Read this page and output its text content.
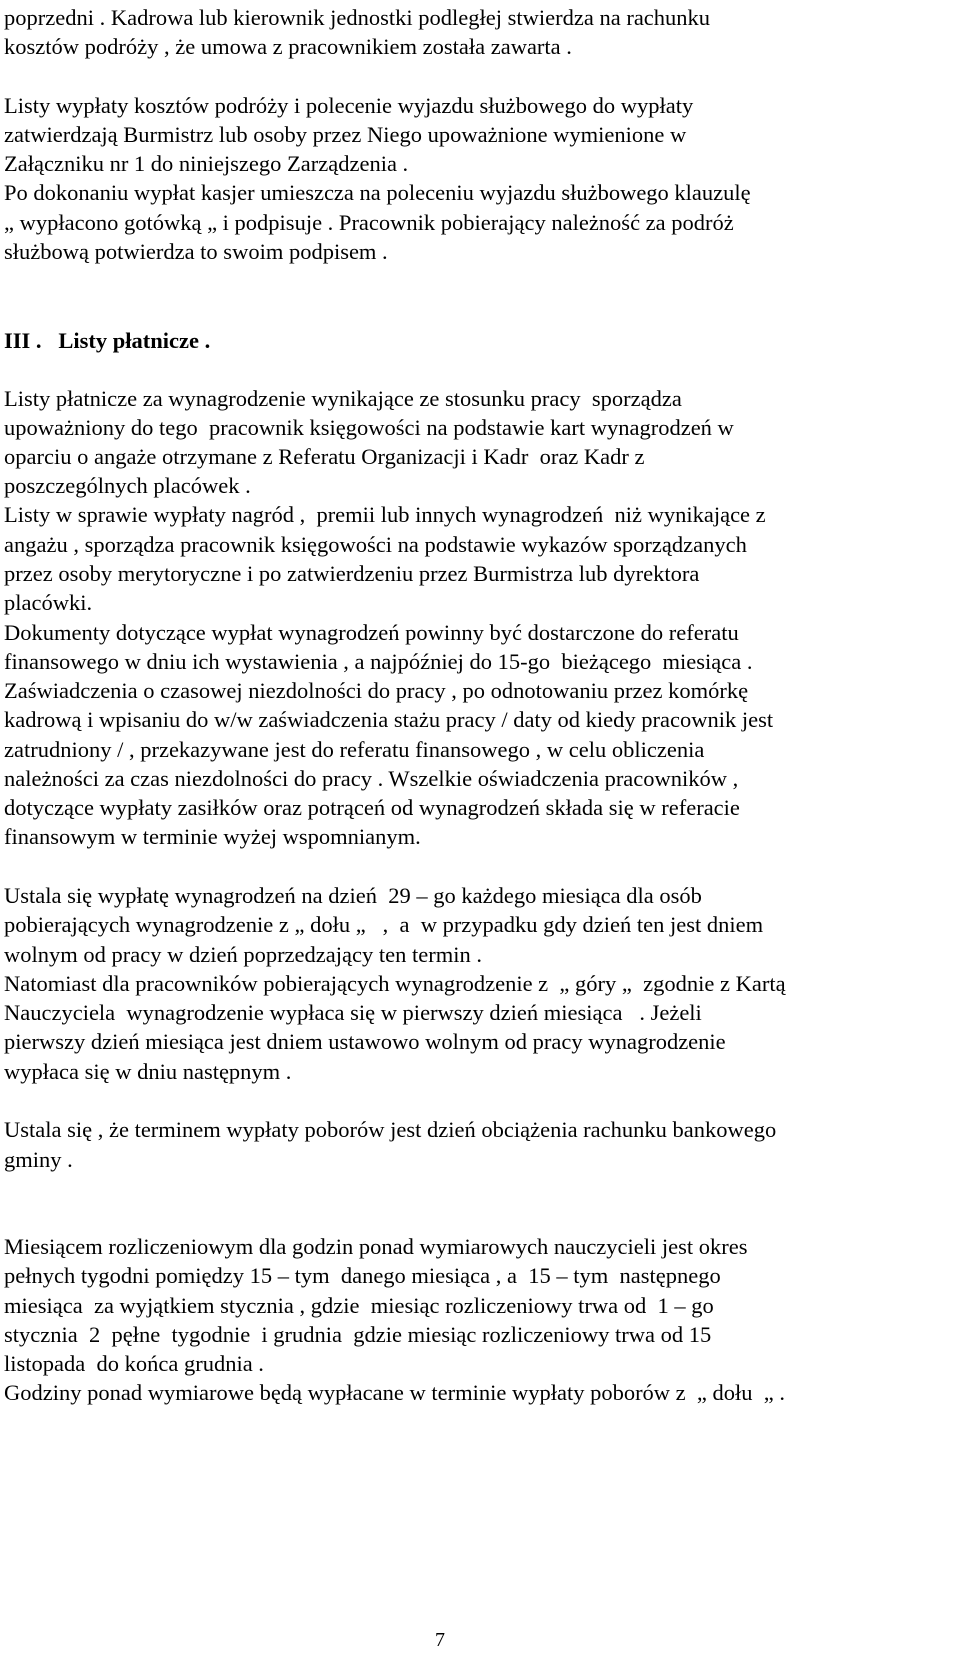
poprzedni . Kadrowa lub kierownik jednostki podległej stwierdza na rachunku
kosztów podróży , że umowa z pracownikiem została zawarta .
Listy wypłaty kosztów podróży i polecenie wyjazdu służbowego do wypłaty
zatwierdzają Burmistrz lub osoby przez Niego upoważnione wymienione w
Załączniku nr 1 do niniejszego Zarządzenia .
Po dokonaniu wypłat kasjer umieszcza na poleceniu wyjazdu służbowego klauzulę
„ wypłacono gotówką „ i podpisuje . Pracownik pobierający należność za podróż
służbową potwierdza to swoim podpisem .
III .   Listy płatnicze .
Listy płatnicze za wynagrodzenie wynikające ze stosunku pracy  sporządza
upoważniony do tego  pracownik księgowości na podstawie kart wynagrodzeń w
oparciu o angaże otrzymane z Referatu Organizacji i Kadr  oraz Kadr z
poszczególnych placówek .
Listy w sprawie wypłaty nagród ,  premii lub innych wynagrodzeń  niż wynikające z
angażu , sporządza pracownik księgowości na podstawie wykazów sporządzanych
przez osoby merytoryczne i po zatwierdzeniu przez Burmistrza lub dyrektora
placówki.
Dokumenty dotyczące wypłat wynagrodzeń powinny być dostarczone do referatu
finansowego w dniu ich wystawienia , a najpóźniej do 15-go  bieżącego  miesiąca .
Zaświadczenia o czasowej niezdolności do pracy , po odnotowaniu przez komórkę
kadrową i wpisaniu do w/w zaświadczenia stażu pracy / daty od kiedy pracownik jest
zatrudniony / , przekazywane jest do referatu finansowego , w celu obliczenia
należności za czas niezdolności do pracy . Wszelkie oświadczenia pracowników ,
dotyczące wypłaty zasiłków oraz potrąceń od wynagrodzeń składa się w referacie
finansowym w terminie wyżej wspomnianym.
Ustala się wypłatę wynagrodzeń na dzień  29 – go każdego miesiąca dla osób
pobierających wynagrodzenie z „ dołu „   ,  a  w przypadku gdy dzień ten jest dniem
wolnym od pracy w dzień poprzedzający ten termin .
Natomiast dla pracowników pobierających wynagrodzenie z  „ góry „  zgodnie z Kartą
Nauczyciela  wynagrodzenie wypłaca się w pierwszy dzień miesiąca   . Jeżeli
pierwszy dzień miesiąca jest dniem ustawowo wolnym od pracy wynagrodzenie
wypłaca się w dniu następnym .
Ustala się , że terminem wypłaty poborów jest dzień obciążenia rachunku bankowego
gminy .
Miesiącem rozliczeniowym dla godzin ponad wymiarowych nauczycieli jest okres
pełnych tygodni pomiędzy 15 – tym  danego miesiąca , a  15 – tym  następnego
miesiąca  za wyjątkiem stycznia , gdzie  miesiąc rozliczeniowy trwa od  1 – go
stycznia  2  pęłne  tygodnie  i grudnia  gdzie miesiąc rozliczeniowy trwa od 15
listopada  do końca grudnia .
Godziny ponad wymiarowe będą wypłacane w terminie wypłaty poborów z  „ dołu  „ .
7
